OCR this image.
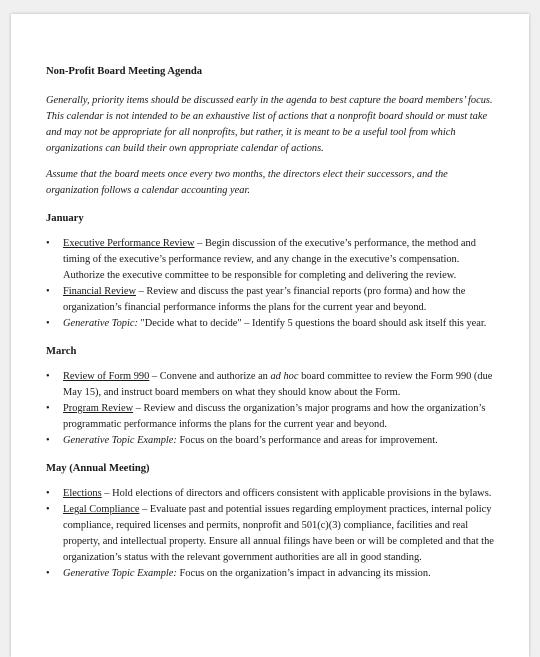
Non-Profit Board Meeting Agenda

Generally, priority items should be discussed early in the agenda to best capture the board members’ focus. This calendar is not intended to be an exhaustive list of actions that a nonprofit board should or must take and may not be appropriate for all nonprofits, but rather, it is meant to be a useful tool from which organizations can build their own appropriate calendar of actions.

Assume that the board meets once every two months, the directors elect their successors, and the organization follows a calendar accounting year.

January
• Executive Performance Review – Begin discussion of the executive’s performance, the method and timing of the executive’s performance review, and any change in the executive’s compensation. Authorize the executive committee to be responsible for completing and delivering the review.
• Financial Review – Review and discuss the past year’s financial reports (pro forma) and how the organization’s financial performance informs the plans for the current year and beyond.
• Generative Topic: "Decide what to decide" – Identify 5 questions the board should ask itself this year.
March
• Review of Form 990 – Convene and authorize an ad hoc board committee to review the Form 990 (due May 15), and instruct board members on what they should know about the Form.
• Program Review – Review and discuss the organization’s major programs and how the organization’s programmatic performance informs the plans for the current year and beyond.
• Generative Topic Example: Focus on the board’s performance and areas for improvement.
May (Annual Meeting)
• Elections – Hold elections of directors and officers consistent with applicable provisions in the bylaws.
• Legal Compliance – Evaluate past and potential issues regarding employment practices, internal policy compliance, required licenses and permits, nonprofit and 501(c)(3) compliance, facilities and real property, and intellectual property. Ensure all annual filings have been or will be completed and that the organization’s status with the relevant government authorities are all in good standing.
• Generative Topic Example: Focus on the organization’s impact in advancing its mission.
